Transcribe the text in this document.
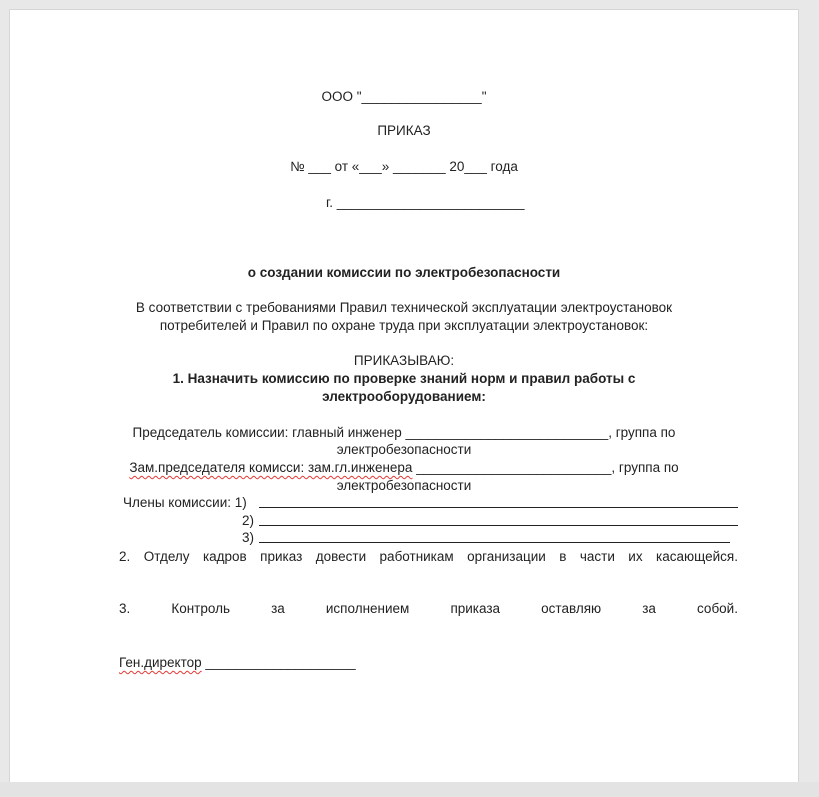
ООО "________________"
ПРИКАЗ
№ ___ от «___» _______ 20___ года
г. _________________________
о создании комиссии по электробезопасности
В соответствии с требованиями Правил технической эксплуатации электроустановок
потребителей и Правил по охране труда при эксплуатации электроустановок:
ПРИКАЗЫВАЮ:
1. Назначить комиссию по проверке знаний норм и правил работы с
электрооборудованием:
Председатель комиссии: главный инженер ___________________________, группа по
электробезопасности
Зам.председателя комисси: зам.гл.инженера __________________________, группа по
электробезопасности
Члены комиссии: 1)
2)
3)
2. Отделу кадров приказ довести работникам организации в части их касающейся.
3.	Контроль	за	исполнением	приказа	оставляю	за	собой.
Ген.директор ____________________
